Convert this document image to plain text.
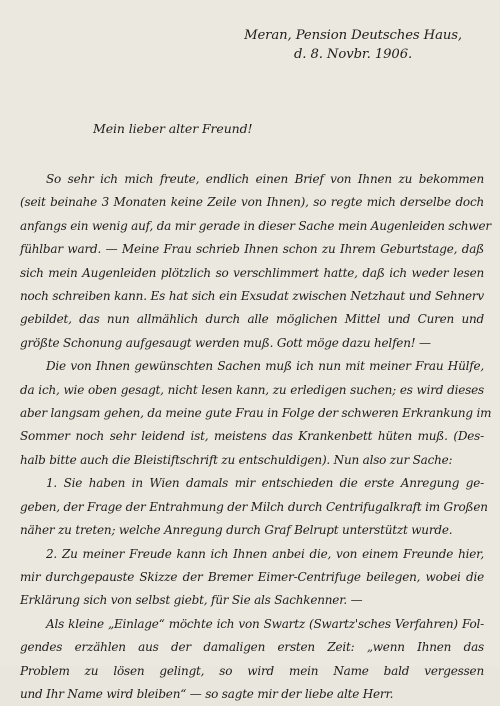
Meran, Pension Deutsches Haus,
d. 8. Novbr. 1906.
Mein lieber alter Freund!
So sehr ich mich freute, endlich einen Brief von Ihnen zu bekommen
(seit beinahe 3 Monaten keine Zeile von Ihnen), so regte mich derselbe doch
anfangs ein wenig auf, da mir gerade in dieser Sache mein Augenleiden schwer
fühlbar ward. — Meine Frau schrieb Ihnen schon zu Ihrem Geburtstage, daß
sich mein Augenleiden plötzlich so verschlimmert hatte, daß ich weder lesen
noch schreiben kann. Es hat sich ein Exsudat zwischen Netzhaut und Sehnerv
gebildet, das nun allmählich durch alle möglichen Mittel und Curen und
größte Schonung aufgesaugt werden muß. Gott möge dazu helfen! —
Die von Ihnen gewünschten Sachen muß ich nun mit meiner Frau Hülfe,
da ich, wie oben gesagt, nicht lesen kann, zu erledigen suchen; es wird dieses
aber langsam gehen, da meine gute Frau in Folge der schweren Erkrankung im
Sommer noch sehr leidend ist, meistens das Krankenbett hüten muß. (Des-
halb bitte auch die Bleistiftschrift zu entschuldigen). Nun also zur Sache:
1. Sie haben in Wien damals mir entschieden die erste Anregung ge-
geben, der Frage der Entrahmung der Milch durch Centrifugalkraft im Großen
näher zu treten; welche Anregung durch Graf Belrupt unterstützt wurde.
2. Zu meiner Freude kann ich Ihnen anbei die, von einem Freunde hier,
mir durchgepauste Skizze der Bremer Eimer-Centrifuge beilegen, wobei die
Erklärung sich von selbst giebt, für Sie als Sachkenner. —
Als kleine „Einlage“ möchte ich von Swartz (Swartz'sches Verfahren) Fol-
gendes erzählen aus der damaligen ersten Zeit: „wenn Ihnen das
Problem zu lösen gelingt, so wird mein Name bald vergessen
und Ihr Name wird bleiben“ — so sagte mir der liebe alte Herr.
